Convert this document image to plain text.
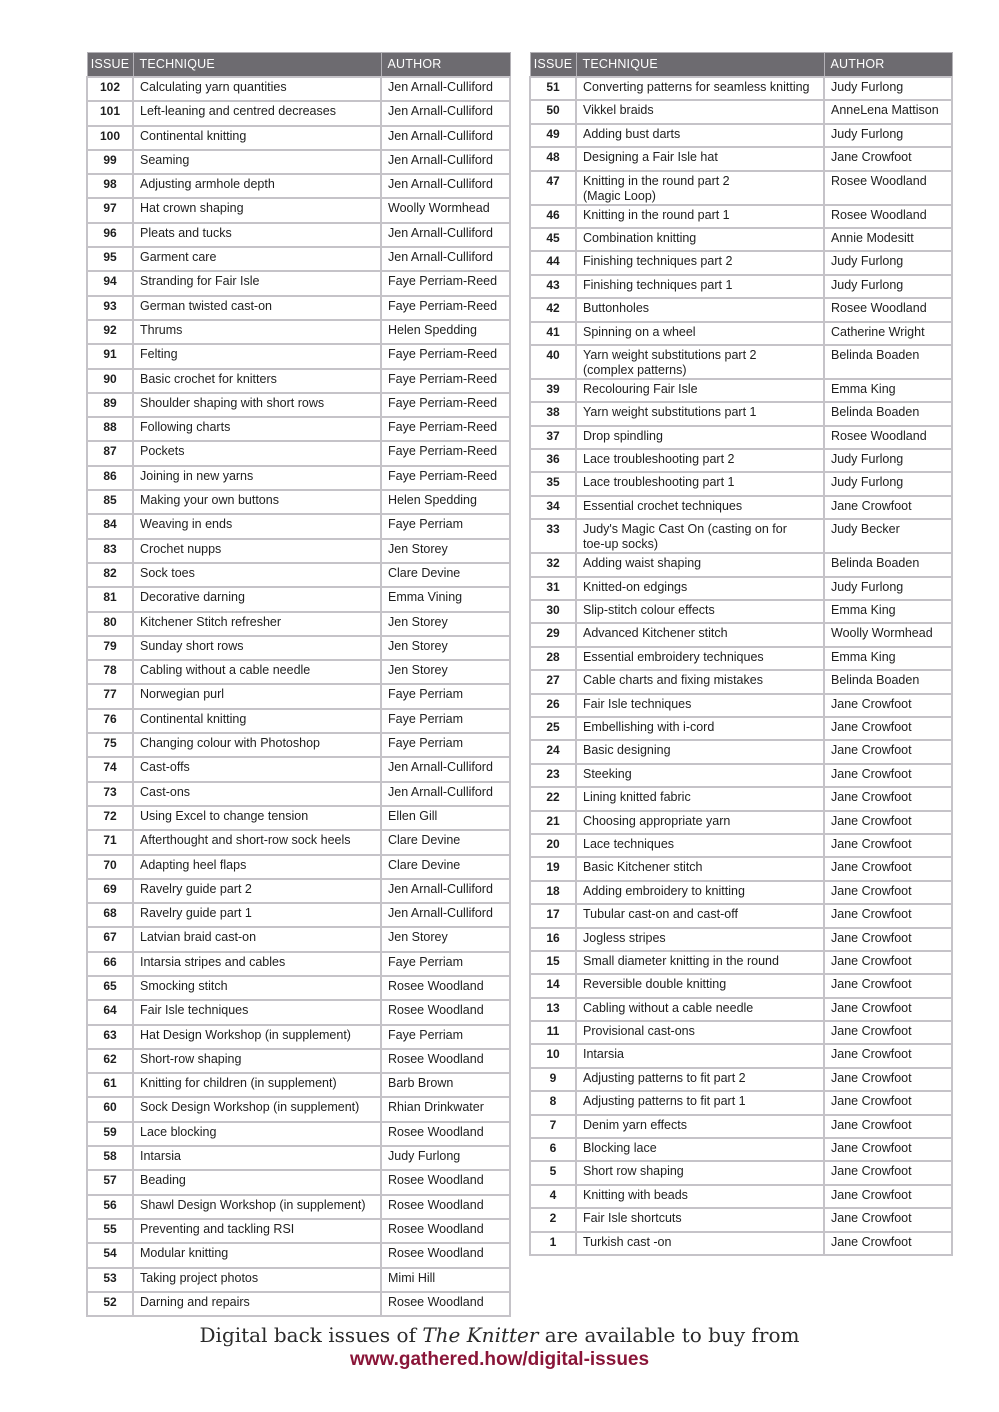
ISSUE	TECHNIQUE	AUTHOR
102	Calculating yarn quantities	Jen Arnall-Culliford
101	Left-leaning and centred decreases	Jen Arnall-Culliford
100	Continental knitting	Jen Arnall-Culliford
99	Seaming	Jen Arnall-Culliford
98	Adjusting armhole depth	Jen Arnall-Culliford
97	Hat crown shaping	Woolly Wormhead
96	Pleats and tucks	Jen Arnall-Culliford
95	Garment care	Jen Arnall-Culliford
94	Stranding for Fair Isle	Faye Perriam-Reed
93	German twisted cast-on	Faye Perriam-Reed
92	Thrums	Helen Spedding
91	Felting	Faye Perriam-Reed
90	Basic crochet for knitters	Faye Perriam-Reed
89	Shoulder shaping with short rows	Faye Perriam-Reed
88	Following charts	Faye Perriam-Reed
87	Pockets	Faye Perriam-Reed
86	Joining in new yarns	Faye Perriam-Reed
85	Making your own buttons	Helen Spedding
84	Weaving in ends	Faye Perriam
83	Crochet nupps	Jen Storey
82	Sock toes	Clare Devine
81	Decorative darning	Emma Vining
80	Kitchener Stitch refresher	Jen Storey
79	Sunday short rows	Jen Storey
78	Cabling without a cable needle	Jen Storey
77	Norwegian purl	Faye Perriam
76	Continental knitting	Faye Perriam
75	Changing colour with Photoshop	Faye Perriam
74	Cast-offs	Jen Arnall-Culliford
73	Cast-ons	Jen Arnall-Culliford
72	Using Excel to change tension	Ellen Gill
71	Afterthought and short-row sock heels	Clare Devine
70	Adapting heel flaps	Clare Devine
69	Ravelry guide part 2	Jen Arnall-Culliford
68	Ravelry guide part 1	Jen Arnall-Culliford
67	Latvian braid cast-on	Jen Storey
66	Intarsia stripes and cables	Faye Perriam
65	Smocking stitch	Rosee Woodland
64	Fair Isle techniques	Rosee Woodland
63	Hat Design Workshop (in supplement)	Faye Perriam
62	Short-row shaping	Rosee Woodland
61	Knitting for children (in supplement)	Barb Brown
60	Sock Design Workshop (in supplement)	Rhian Drinkwater
59	Lace blocking	Rosee Woodland
58	Intarsia	Judy Furlong
57	Beading	Rosee Woodland
56	Shawl Design Workshop (in supplement)	Rosee Woodland
55	Preventing and tackling RSI	Rosee Woodland
54	Modular knitting	Rosee Woodland
53	Taking project photos	Mimi Hill
52	Darning and repairs	Rosee Woodland
ISSUE	TECHNIQUE	AUTHOR
51	Converting patterns for seamless knitting	Judy Furlong
50	Vikkel braids	AnneLena Mattison
49	Adding bust darts	Judy Furlong
48	Designing a Fair Isle hat	Jane Crowfoot
47	Knitting in the round part 2
(Magic Loop)	Rosee Woodland
46	Knitting in the round part 1	Rosee Woodland
45	Combination knitting	Annie Modesitt
44	Finishing techniques part 2	Judy Furlong
43	Finishing techniques part 1	Judy Furlong
42	Buttonholes	Rosee Woodland
41	Spinning on a wheel	Catherine Wright
40	Yarn weight substitutions part 2
(complex patterns)	Belinda Boaden
39	Recolouring Fair Isle	Emma King
38	Yarn weight substitutions part 1	Belinda Boaden
37	Drop spindling	Rosee Woodland
36	Lace troubleshooting part 2	Judy Furlong
35	Lace troubleshooting part 1	Judy Furlong
34	Essential crochet techniques	Jane Crowfoot
33	Judy's Magic Cast On (casting on for
toe-up socks)	Judy Becker
32	Adding waist shaping	Belinda Boaden
31	Knitted-on edgings	Judy Furlong
30	Slip-stitch colour effects	Emma King
29	Advanced Kitchener stitch	Woolly Wormhead
28	Essential embroidery techniques	Emma King
27	Cable charts and fixing mistakes	Belinda Boaden
26	Fair Isle techniques	Jane Crowfoot
25	Embellishing with i-cord	Jane Crowfoot
24	Basic designing	Jane Crowfoot
23	Steeking	Jane Crowfoot
22	Lining knitted fabric	Jane Crowfoot
21	Choosing appropriate yarn	Jane Crowfoot
20	Lace techniques	Jane Crowfoot
19	Basic Kitchener stitch	Jane Crowfoot
18	Adding embroidery to knitting	Jane Crowfoot
17	Tubular cast-on and cast-off	Jane Crowfoot
16	Jogless stripes	Jane Crowfoot
15	Small diameter knitting in the round	Jane Crowfoot
14	Reversible double knitting	Jane Crowfoot
13	Cabling without a cable needle	Jane Crowfoot
11	Provisional cast-ons	Jane Crowfoot
10	Intarsia	Jane Crowfoot
9	Adjusting patterns to fit part 2	Jane Crowfoot
8	Adjusting patterns to fit part 1	Jane Crowfoot
7	Denim yarn effects	Jane Crowfoot
6	Blocking lace	Jane Crowfoot
5	Short row shaping	Jane Crowfoot
4	Knitting with beads	Jane Crowfoot
2	Fair Isle shortcuts	Jane Crowfoot
1	Turkish cast -on	Jane Crowfoot
Digital back issues of The Knitter are available to buy from
www.gathered.how/digital-issues
